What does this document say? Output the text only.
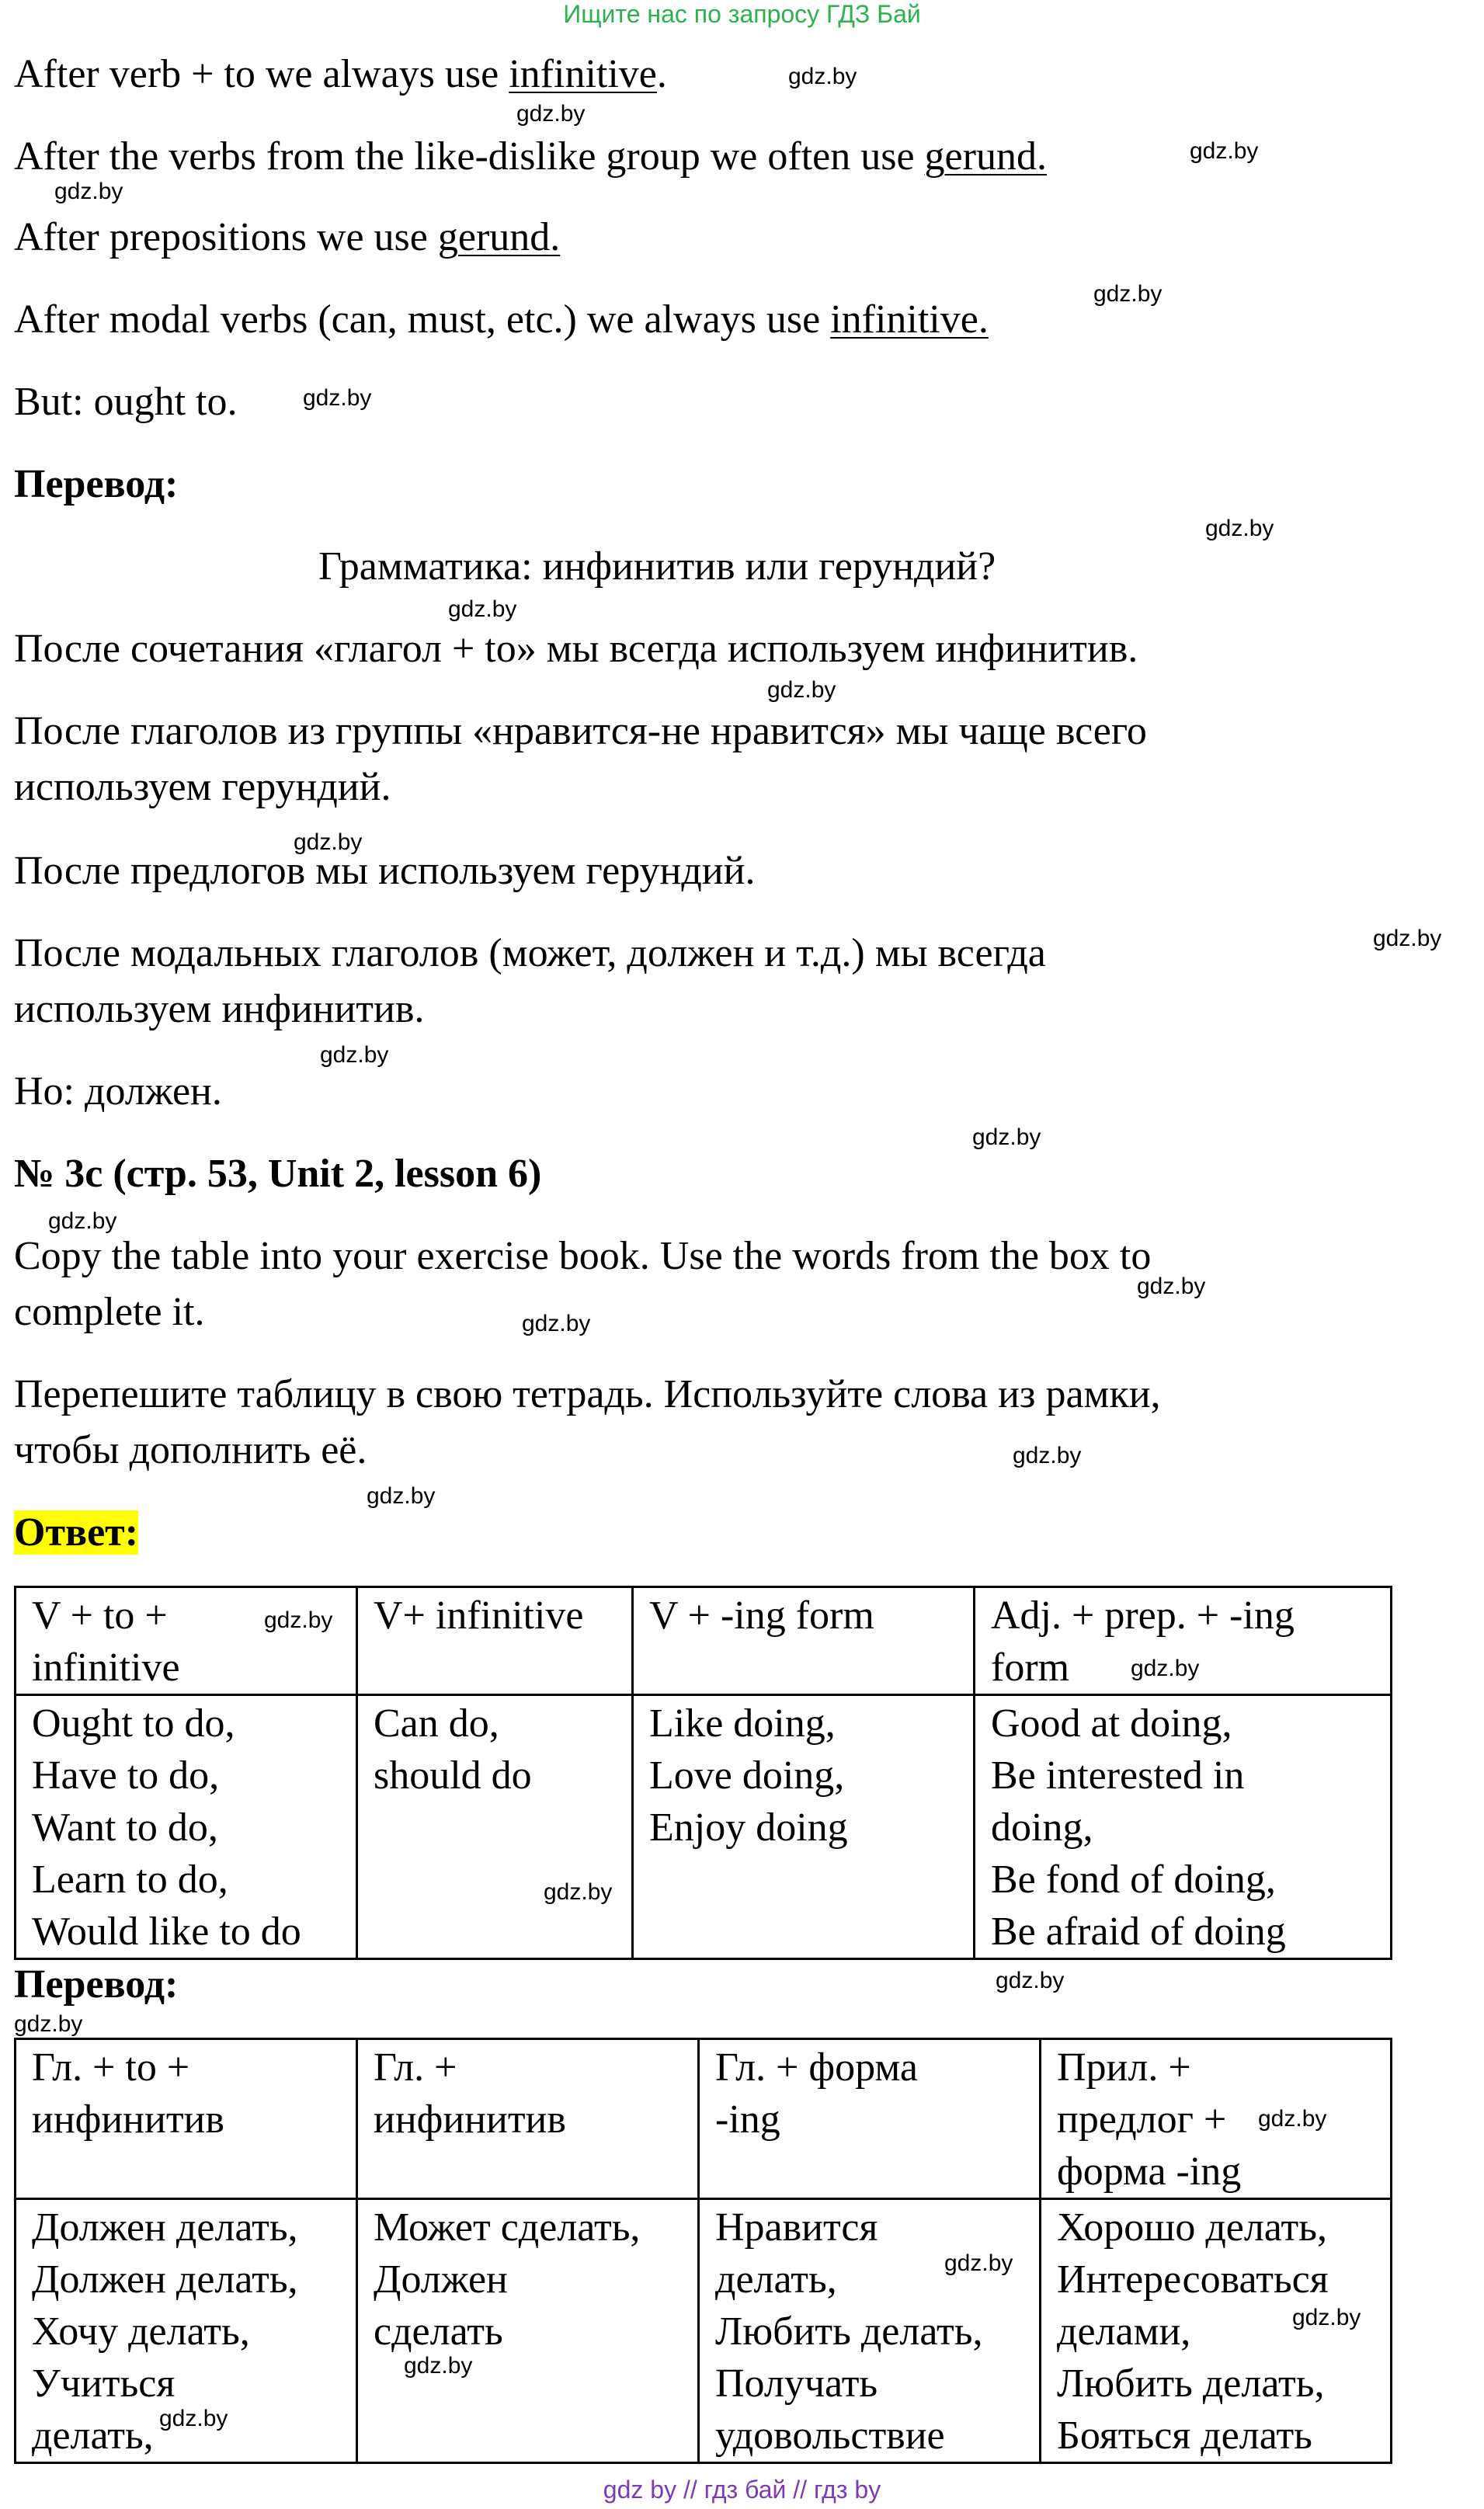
Ищите нас по запросу ГДЗ Бай
After verb + to we always use infinitive.
After the verbs from the like-dislike group we often use gerund.
After prepositions we use gerund.
After modal verbs (can, must, etc.) we always use infinitive.
But: ought to.
Перевод:
Грамматика: инфинитив или герундий?
После сочетания «глагол + to» мы всегда используем инфинитив.
После глаголов из группы «нравится-не нравится» мы чаще всего
используем герундий.
После предлогов мы используем герундий.
После модальных глаголов (может, должен и т.д.) мы всегда
используем инфинитив.
Но: должен.
№ 3c (стр. 53, Unit 2, lesson 6)
Copy the table into your exercise book. Use the words from the box to
complete it.
Перепешите таблицу в свою тетрадь. Используйте слова из рамки,
чтобы дополнить её.
Ответ:
V + to +
infinitive	V+ infinitive	V + -ing form	Adj. + prep. + -ing
form

Ought to do,
Have to do,
Want to do,
Learn to do,
Would like to do	Can do,
should do	Like doing,
Love doing,
Enjoy doing	Good at doing,
Be interested in
doing,
Be fond of doing,
Be afraid of doing
Перевод:
Гл. + to +
инфинитив	Гл. +
инфинитив	Гл. + форма
-ing	Прил. +
предлог +
форма -ing

Должен делать,
Должен делать,
Хочу делать,
Учиться
делать,	Может сделать,
Должен
сделать	Нравится
делать,
Любить делать,
Получать
удовольствие	Хорошо делать,
Интересоваться
делами,
Любить делать,
Бояться делать
gdz.by
gdz.by
gdz.by
gdz.by
gdz.by
gdz.by
gdz.by
gdz.by
gdz.by
gdz.by
gdz.by
gdz.by
gdz.by
gdz.by
gdz.by
gdz.by
gdz.by
gdz.by
gdz.by
gdz.by
gdz.by
gdz.by
gdz.by
gdz.by
gdz.by
gdz.by
gdz.by
gdz.by
gdz by // гдз бай // гдз by
